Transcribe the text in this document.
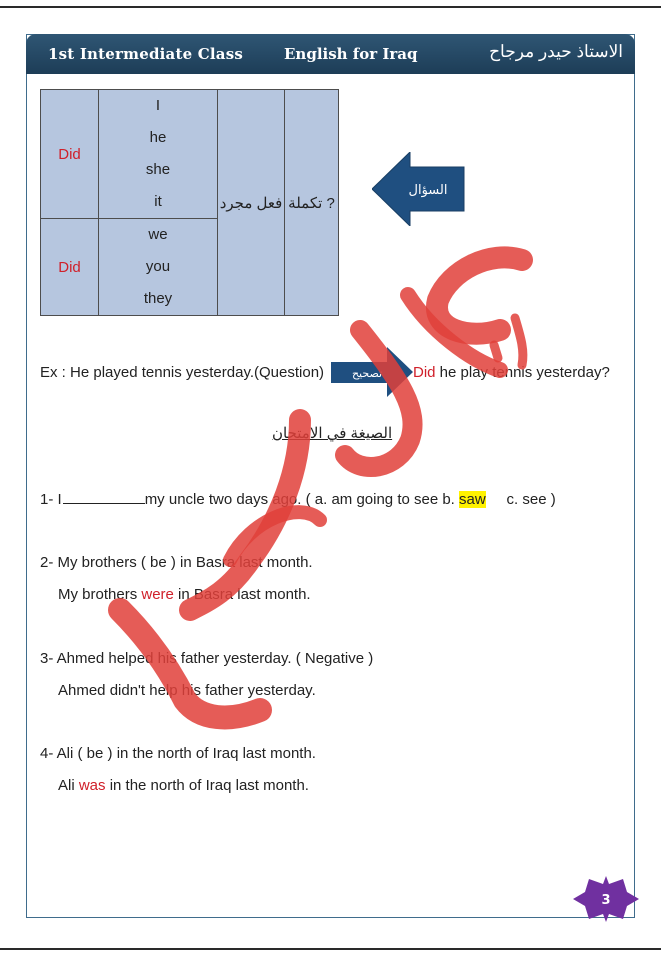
1st Intermediate Class	English for Iraq	الاستاذ حيدر مرجاح
Did	I
he
she
it	فعل مجرد	? تكملة
Did	we
you
they		
السؤال
Ex : He played tennis yesterday.(Question)	تصحيح Did he play tennis yesterday?
الصيغة في الامتحان
1- I	my uncle two days ago. ( a. am going to see b. saw     c. see )
2- My brothers ( be ) in Basra last month.
My brothers were in Basra last month.
3- Ahmed helped his father yesterday. ( Negative )
Ahmed didn't help his father yesterday.
4- Ali ( be ) in the north of Iraq last month.
Ali was in the north of Iraq last month.
3
